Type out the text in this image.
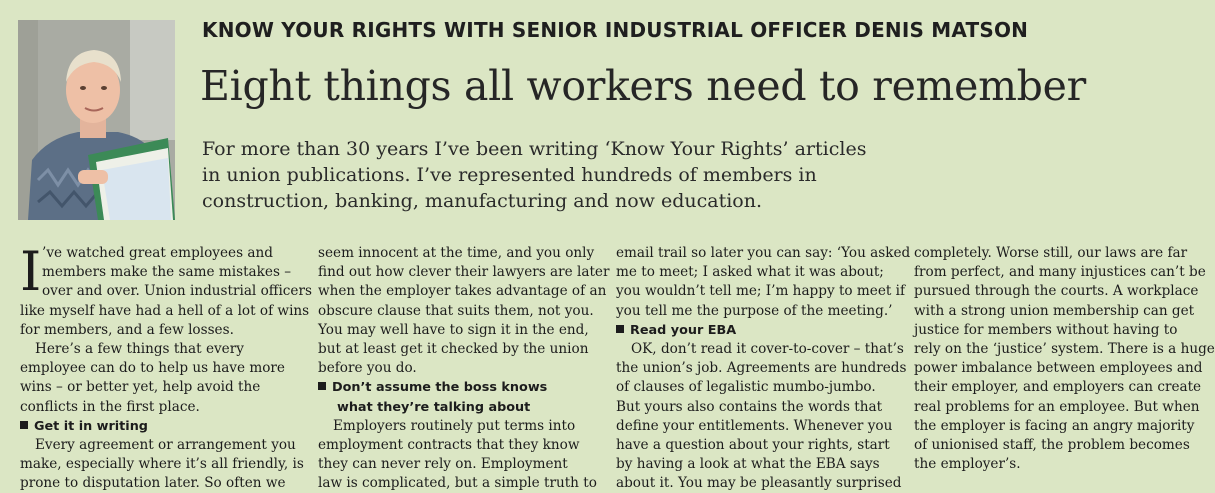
KNOW YOUR RIGHTS WITH SENIOR INDUSTRIAL OFFICER DENIS MATSON
Eight things all workers need to remember
For more than 30 years I’ve been writing ‘Know Your Rights’ articles
in union publications. I’ve represented hundreds of members in
construction, banking, manufacturing and now education.
I ’ve watched great employees and
members make the same mistakes –
over and over. Union industrial officers
like myself have had a hell of a lot of wins
for members, and a few losses.
Here’s a few things that every
employee can do to help us have more
wins – or better yet, help avoid the
conflicts in the first place.
Get it in writing
Every agreement or arrangement you
make, especially where it’s all friendly, is
prone to disputation later. So often we
seem innocent at the time, and you only
find out how clever their lawyers are later
when the employer takes advantage of an
obscure clause that suits them, not you.
You may well have to sign it in the end,
but at least get it checked by the union
before you do.
Don’t assume the boss knows
what they’re talking about
Employers routinely put terms into
employment contracts that they know
they can never rely on. Employment
law is complicated, but a simple truth to
email trail so later you can say: ‘You asked
me to meet; I asked what it was about;
you wouldn’t tell me; I’m happy to meet if
you tell me the purpose of the meeting.’
Read your EBA
OK, don’t read it cover-to-cover – that’s
the union’s job. Agreements are hundreds
of clauses of legalistic mumbo-jumbo.
But yours also contains the words that
define your entitlements. Whenever you
have a question about your rights, start
by having a look at what the EBA says
about it. You may be pleasantly surprised
completely. Worse still, our laws are far
from perfect, and many injustices can’t be
pursued through the courts. A workplace
with a strong union membership can get
justice for members without having to
rely on the ‘justice’ system. There is a huge
power imbalance between employees and
their employer, and employers can create
real problems for an employee. But when
the employer is facing an angry majority
of unionised staff, the problem becomes
the employer’s.
